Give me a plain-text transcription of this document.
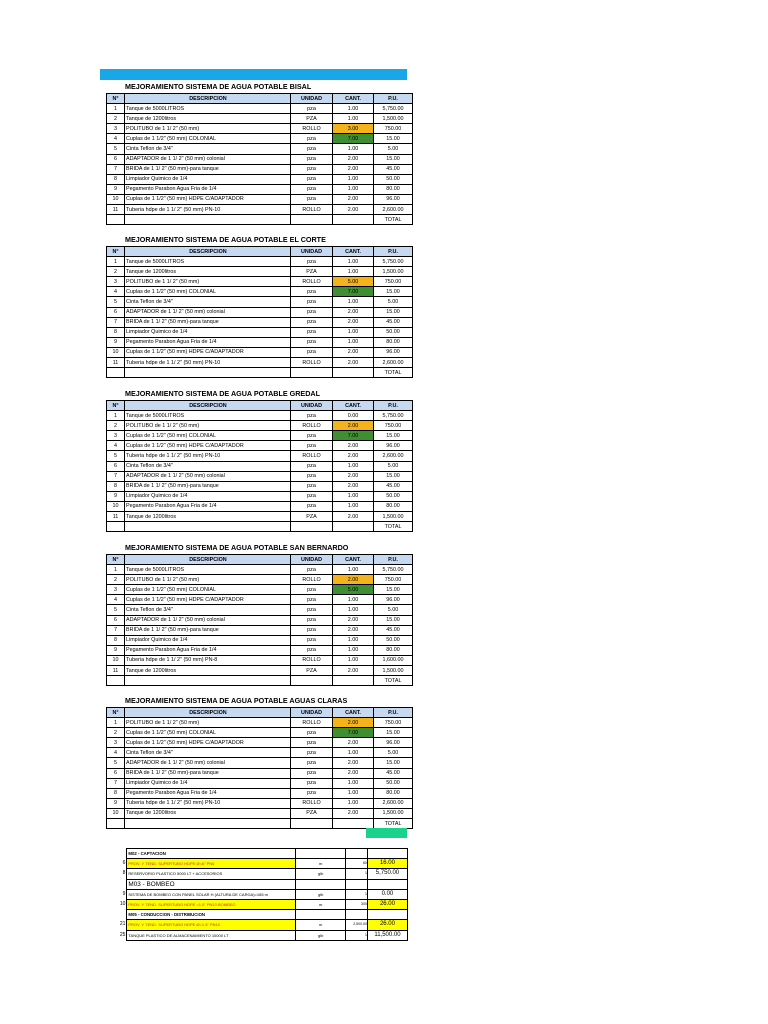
MEJORAMIENTO SISTEMA DE AGUA POTABLE BISAL
N°	DESCRIPCION	UNIDAD	CANT.	P.U.
1	Tanque de 5000LITROS	pza	1.00	5,750.00
2	Tanque de 1200litros	PZA	1.00	1,500.00
3	POLITUBO de 1 1/ 2" (50 mm)	ROLLO	3.00	750.00
4	Cuplas de 1 1/2" (50 mm) COLONIAL	pza	7.00	15.00
5	Cinta Teflon de 3/4"	pza	1.00	5.00
6	ADAPTADOR de 1 1/ 2" (50 mm) colonial	pza	2.00	15.00
7	BRIDA de 1 1/ 2" (50 mm)-para tanque	pza	2.00	45.00
8	Limpiador Quimico de 1/4	pza	1.00	50.00
9	Pegamento Parabon Agua Fria de 1/4	pza	1.00	80.00
10	Cuplas de 1 1/2" (50 mm) HDPE C/ADAPTADOR	pza	2.00	96.00
11	Tuberia hdpe de 1 1/ 2" (50 mm) PN-10	ROLLO	2.00	2,600.00
				TOTAL
MEJORAMIENTO SISTEMA DE AGUA POTABLE EL CORTE
N°	DESCRIPCION	UNIDAD	CANT.	P.U.
1	Tanque de 5000LITROS	pza	1.00	5,750.00
2	Tanque de 1200litros	PZA	1.00	1,500.00
3	POLITUBO de 1 1/ 2" (50 mm)	ROLLO	5.00	750.00
4	Cuplas de 1 1/2" (50 mm) COLONIAL	pza	7.00	15.00
5	Cinta Teflon de 3/4"	pza	1.00	5.00
6	ADAPTADOR de 1 1/ 2" (50 mm) colonial	pza	2.00	15.00
7	BRIDA de 1 1/ 2" (50 mm)-para tanque	pza	2.00	45.00
8	Limpiador Quimico de 1/4	pza	1.00	50.00
9	Pegamento Parabon Agua Fria de 1/4	pza	1.00	80.00
10	Cuplas de 1 1/2" (50 mm) HDPE C/ADAPTADOR	pza	2.00	96.00
11	Tuberia hdpe de 1 1/ 2" (50 mm) PN-10	ROLLO	2.00	2,600.00
				TOTAL
MEJORAMIENTO SISTEMA DE AGUA POTABLE GREDAL
N°	DESCRIPCION	UNIDAD	CANT.	P.U.
1	Tanque de 5000LITROS	pza	0.00	5,750.00
2	POLITUBO de 1 1/ 2" (50 mm)	ROLLO	2.00	750.00
3	Cuplas de 1 1/2" (50 mm) COLONIAL	pza	7.00	15.00
4	Cuplas de 1 1/2" (50 mm) HDPE C/ADAPTADOR	pza	2.00	96.00
5	Tuberia hdpe de 1 1/ 2" (50 mm) PN-10	ROLLO	2.00	2,600.00
6	Cinta Teflon de 3/4"	pza	1.00	5.00
7	ADAPTADOR de 1 1/ 2" (50 mm) colonial	pza	2.00	15.00
8	BRIDA de 1 1/ 2" (50 mm)-para tanque	pza	2.00	45.00
9	Limpiador Quimico de 1/4	pza	1.00	50.00
10	Pegamento Parabon Agua Fria de 1/4	pza	1.00	80.00
11	Tanque de 1200litros	PZA	2.00	1,500.00
				TOTAL
MEJORAMIENTO SISTEMA DE AGUA POTABLE SAN BERNARDO
N°	DESCRIPCION	UNIDAD	CANT.	P.U.
1	Tanque de 5000LITROS	pza	1.00	5,750.00
2	POLITUBO de 1 1/ 2" (50 mm)	ROLLO	2.00	750.00
3	Cuplas de 1 1/2" (50 mm) COLONIAL	pza	5.00	15.00
4	Cuplas de 1 1/2" (50 mm) HDPE C/ADAPTADOR	pza	1.00	96.00
5	Cinta Teflon de 3/4"	pza	1.00	5.00
6	ADAPTADOR de 1 1/ 2" (50 mm) colonial	pza	2.00	15.00
7	BRIDA de 1 1/ 2" (50 mm)-para tanque	pza	2.00	45.00
8	Limpiador Quimico de 1/4	pza	1.00	50.00
9	Pegamento Parabon Agua Fria de 1/4	pza	1.00	80.00
10	Tuberia hdpe de 1 1/ 2" (50 mm) PN-8	ROLLO	1.00	1,600.00
11	Tanque de 1200litros	PZA	2.00	1,500.00
				TOTAL
MEJORAMIENTO SISTEMA DE AGUA POTABLE AGUAS CLARAS
N°	DESCRIPCION	UNIDAD	CANT.	P.U.
1	POLITUBO de 1 1/ 2" (50 mm)	ROLLO	2.00	750.00
2	Cuplas de 1 1/2" (50 mm) COLONIAL	pza	7.00	15.00
3	Cuplas de 1 1/2" (50 mm) HDPE C/ADAPTADOR	pza	2.00	96.00
4	Cinta Teflon de 3/4"	pza	1.00	5.00
5	ADAPTADOR de 1 1/ 2" (50 mm) colonial	pza	2.00	15.00
6	BRIDA de 1 1/ 2" (50 mm)-para tanque	pza	2.00	45.00
7	Limpiador Quimico de 1/4	pza	1.00	50.00
8	Pegamento Parabon Agua Fria de 1/4	pza	1.00	80.00
9	Tuberia hdpe de 1 1/ 2" (50 mm) PN-10	ROLLO	1.00	2,600.00
10	Tanque de 1200litros	PZA	2.00	1,500.00
				TOTAL
	M02 - CAPTACION			
6	PROV. Y TEND. SUPERTUBO HDPE Ø=6" PN6	m	60	16.00
8	RESERVORIO PLASTICO 5000 LT + ACCESORIOS	glb	1	5,750.00
	M03 - BOMBEO			
9	SISTEMA DE BOMBEO CON PANEL SOLAR H (ALTURA DE CARGA)=165 m	glb	1	0.00
10	PROV. Y TEND. SUPERTUBO HDPE =1.5" PN10 BOMBEO	m	300	26.00
	M05 - CONDUCCION - DISTRIBUCION			
21	PROV. Y TEND. SUPERTUBO HDPE Ø=1.5" PN10	m	2,500.00	26.00
25	TANQUE PLASTICO DE ALMACENAMIENTO 10000 LT	glb	1	11,500.00
